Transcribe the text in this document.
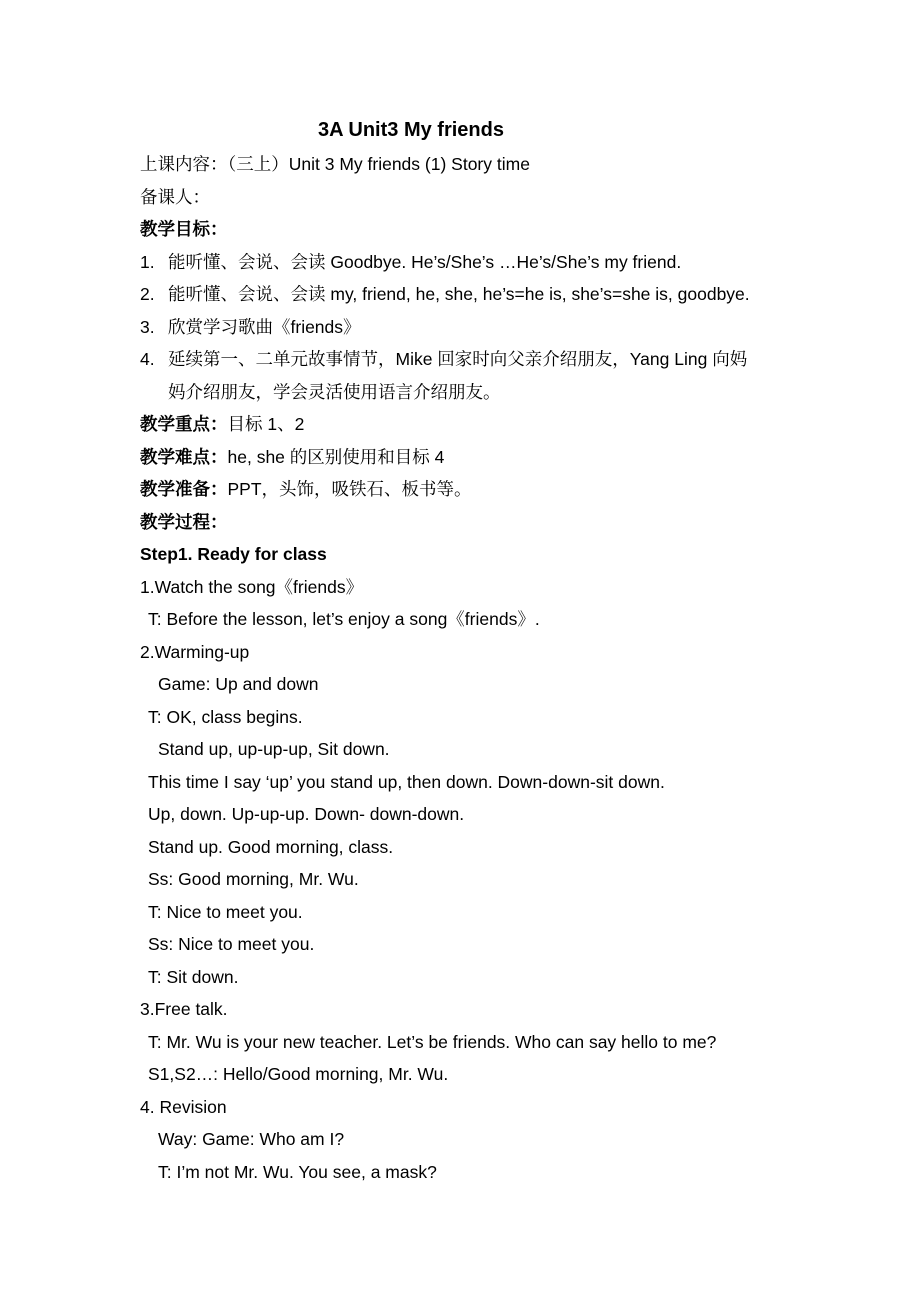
3A Unit3 My friends
上课内容：（三上）Unit 3 My friends (1) Story time
备课人：
教学目标：
1. 能听懂、会说、会读 Goodbye. He’s/She’s …He’s/She’s my friend.
2. 能听懂、会说、会读 my, friend, he, she, he’s=he is, she’s=she is, goodbye.
3. 欣赏学习歌曲《friends》
4. 延续第一、二单元故事情节，Mike 回家时向父亲介绍朋友，Yang Ling 向妈
妈介绍朋友，学会灵活使用语言介绍朋友。
教学重点：目标 1、2
教学难点：he, she 的区别使用和目标 4
教学准备：PPT，头饰，吸铁石、板书等。
教学过程：
Step1. Ready for class
1.Watch the song《friends》
T: Before the lesson, let’s enjoy a song《friends》.
2.Warming-up
Game: Up and down
T: OK, class begins.
Stand up, up-up-up, Sit down.
This time I say ‘up’ you stand up, then down. Down-down-sit down.
Up, down. Up-up-up. Down- down-down.
Stand up. Good morning, class.
Ss: Good morning, Mr. Wu.
T: Nice to meet you.
Ss: Nice to meet you.
T: Sit down.
3.Free talk.
T: Mr. Wu is your new teacher. Let’s be friends. Who can say hello to me?
S1,S2…: Hello/Good morning, Mr. Wu.
4. Revision
Way: Game: Who am I?
T: I’m not Mr. Wu. You see, a mask?
